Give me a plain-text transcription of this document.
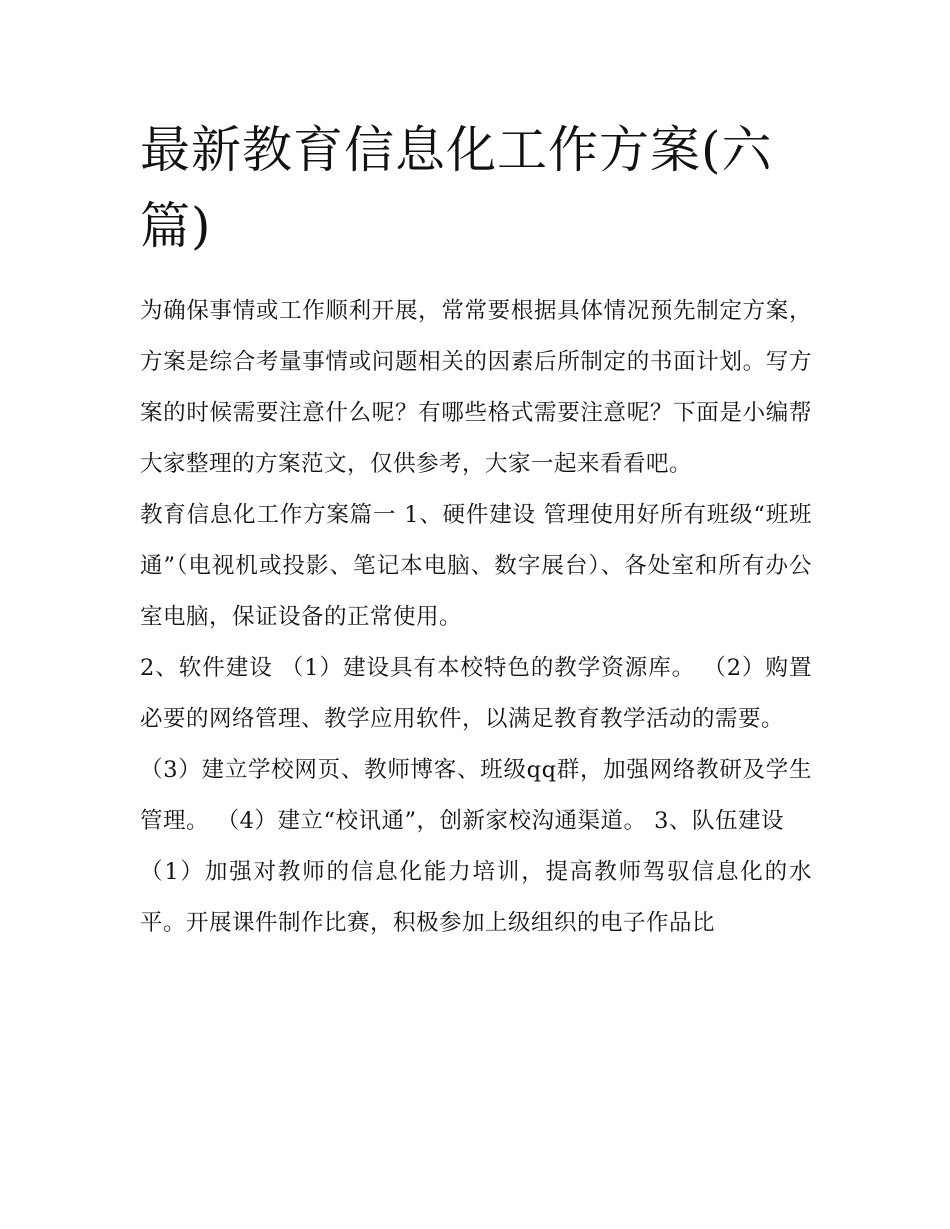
最新教育信息化工作方案(六篇)

为确保事情或工作顺利开展，常常要根据具体情况预先制定方案，方案是综合考量事情或问题相关的因素后所制定的书面计划。写方案的时候需要注意什么呢？有哪些格式需要注意呢？下面是小编帮大家整理的方案范文，仅供参考，大家一起来看看吧。

教育信息化工作方案篇一 1、硬件建设 管理使用好所有班级“班班通”（电视机或投影、笔记本电脑、数字展台）、各处室和所有办公室电脑，保证设备的正常使用。

2、软件建设 （1）建设具有本校特色的教学资源库。 （2）购置必要的网络管理、教学应用软件，以满足教育教学活动的需要。

（3）建立学校网页、教师博客、班级qq群，加强网络教研及学生管理。 （4）建立“校讯通”，创新家校沟通渠道。 3、队伍建设

（1）加强对教师的信息化能力培训，提高教师驾驭信息化的水平。开展课件制作比赛，积极参加上级组织的电子作品比
